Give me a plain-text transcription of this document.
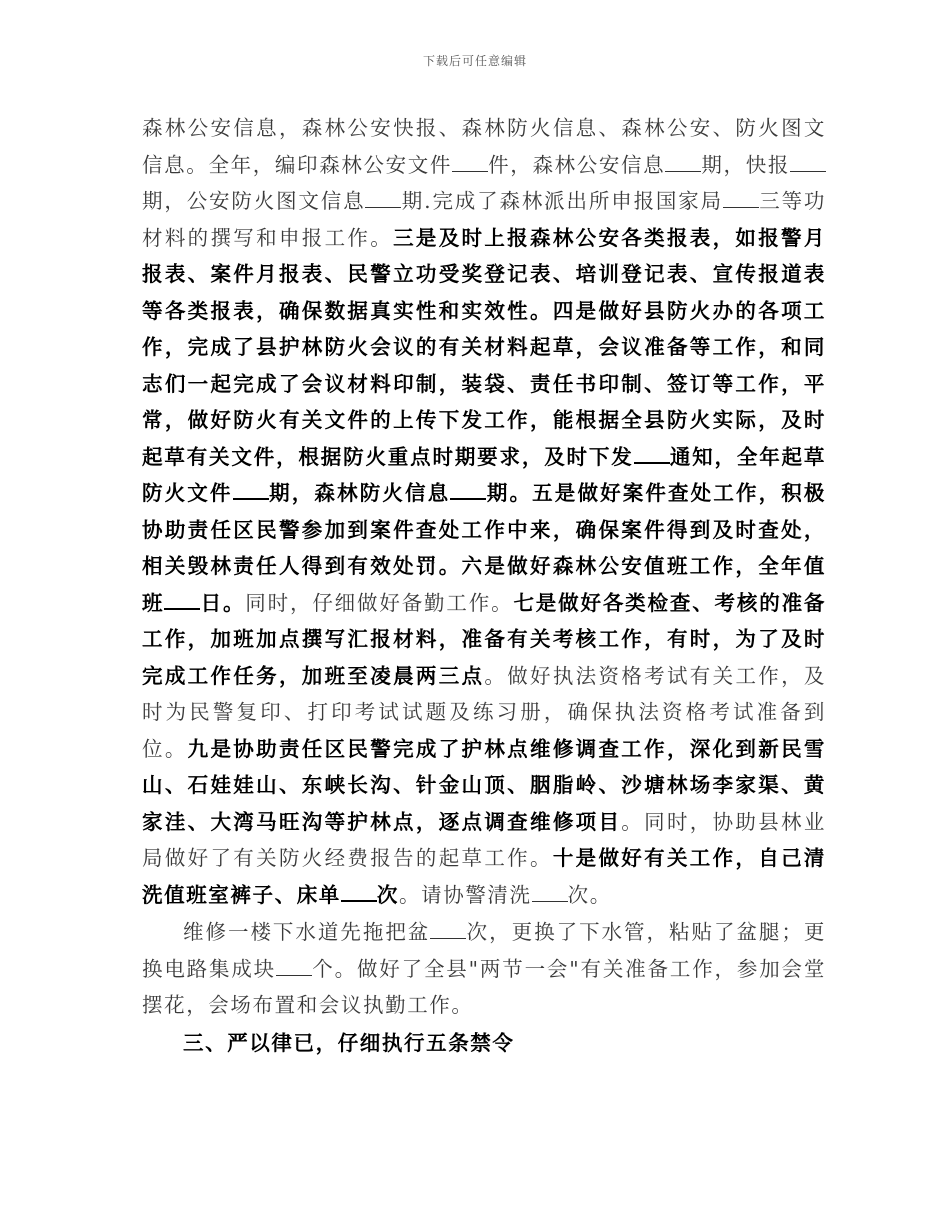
下载后可任意编辑

森林公安信息，森林公安快报、森林防火信息、森林公安、防火图文信息。全年，编印森林公安文件 件，森林公安信息 期，快报期，公安防火图文信息 期.完成了森林派出所申报国家局 三等功材料的撰写和申报工作。三是及时上报森林公安各类报表，如报警月报表、案件月报表、民警立功受奖登记表、培训登记表、宣传报道表等各类报表，确保数据真实性和实效性。四是做好县防火办的各项工作，完成了县护林防火会议的有关材料起草，会议准备等工作，和同志们一起完成了会议材料印制，装袋、责任书印制、签订等工作，平常，做好防火有关文件的上传下发工作，能根据全县防火实际，及时起草有关文件，根据防火重点时期要求，及时下发 通知，全年起草防火文件 期，森林防火信息 期。五是做好案件查处工作，积极协助责任区民警参加到案件查处工作中来，确保案件得到及时查处，相关毁林责任人得到有效处罚。六是做好森林公安值班工作，全年值班 日。同时，仔细做好备勤工作。七是做好各类检查、考核的准备工作，加班加点撰写汇报材料，准备有关考核工作，有时，为了及时完成工作任务，加班至凌晨两三点。做好执法资格考试有关工作，及时为民警复印、打印考试试题及练习册，确保执法资格考试准备到位。九是协助责任区民警完成了护林点维修调查工作，深化到新民雪山、石娃娃山、东峡长沟、针金山顶、胭脂岭、沙塘林场李家渠、黄家洼、大湾马旺沟等护林点，逐点调查维修项目。同时，协助县林业局做好了有关防火经费报告的起草工作。十是做好有关工作，自己清洗值班室裤子、床单 次。请协警清洗 次。

维修一楼下水道先拖把盆 次，更换了下水管，粘贴了盆腿；更换电路集成块 个。做好了全县"两节一会"有关准备工作，参加会堂摆花，会场布置和会议执勤工作。

三、严以律已，仔细执行五条禁令
